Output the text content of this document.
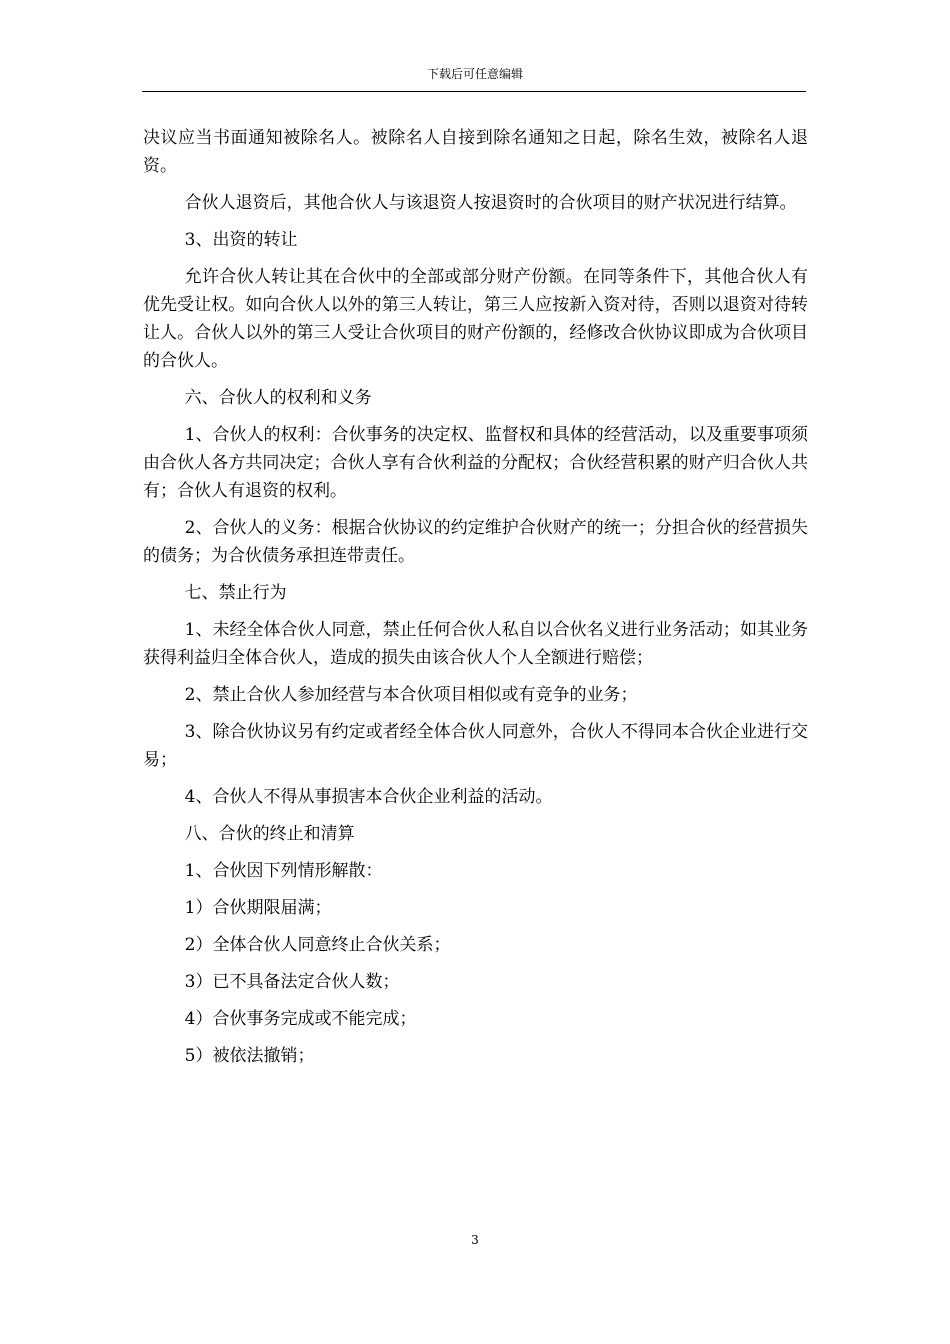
下载后可任意编辑

决议应当书面通知被除名人。被除名人自接到除名通知之日起，除名生效，被除名人退资。

合伙人退资后，其他合伙人与该退资人按退资时的合伙项目的财产状况进行结算。

3、出资的转让

允许合伙人转让其在合伙中的全部或部分财产份额。在同等条件下，其他合伙人有优先受让权。如向合伙人以外的第三人转让，第三人应按新入资对待，否则以退资对待转让人。合伙人以外的第三人受让合伙项目的财产份额的，经修改合伙协议即成为合伙项目的合伙人。

六、合伙人的权利和义务

1、合伙人的权利：合伙事务的决定权、监督权和具体的经营活动，以及重要事项须由合伙人各方共同决定；合伙人享有合伙利益的分配权；合伙经营积累的财产归合伙人共有；合伙人有退资的权利。

2、合伙人的义务：根据合伙协议的约定维护合伙财产的统一；分担合伙的经营损失的债务；为合伙债务承担连带责任。

七、禁止行为

1、未经全体合伙人同意，禁止任何合伙人私自以合伙名义进行业务活动；如其业务获得利益归全体合伙人，造成的损失由该合伙人个人全额进行赔偿；

2、禁止合伙人参加经营与本合伙项目相似或有竞争的业务；

3、除合伙协议另有约定或者经全体合伙人同意外，合伙人不得同本合伙企业进行交易；

4、合伙人不得从事损害本合伙企业利益的活动。

八、合伙的终止和清算

1、合伙因下列情形解散：

1）合伙期限届满；

2）全体合伙人同意终止合伙关系；

3）已不具备法定合伙人数；

4）合伙事务完成或不能完成；

5）被依法撤销；

3
